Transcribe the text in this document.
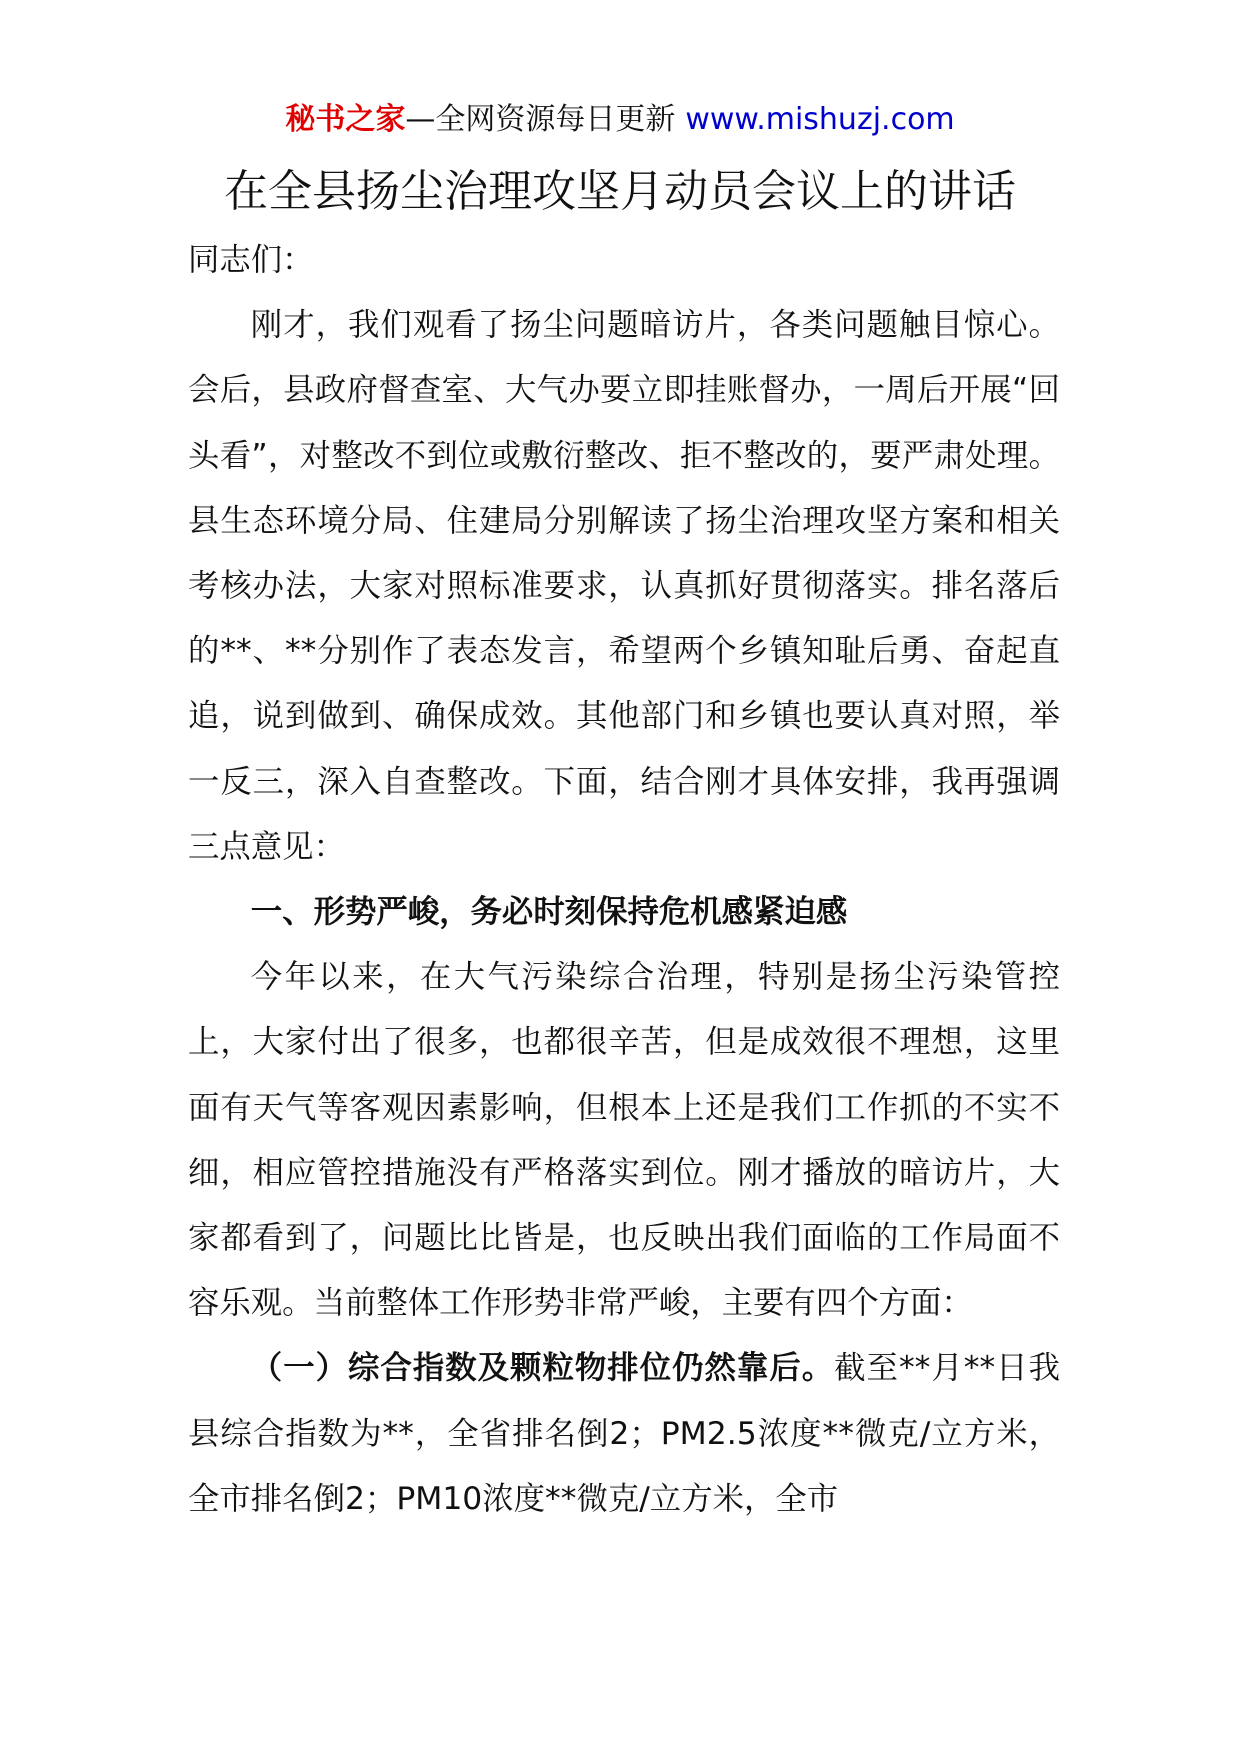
秘书之家—全网资源每日更新 www.mishuzj.com
在全县扬尘治理攻坚月动员会议上的讲话

同志们：

刚才，我们观看了扬尘问题暗访片，各类问题触目惊心。会后，县政府督查室、大气办要立即挂账督办，一周后开展“回头看”，对整改不到位或敷衍整改、拒不整改的，要严肃处理。县生态环境分局、住建局分别解读了扬尘治理攻坚方案和相关考核办法，大家对照标准要求，认真抓好贯彻落实。排名落后的**、**分别作了表态发言，希望两个乡镇知耻后勇、奋起直追，说到做到、确保成效。其他部门和乡镇也要认真对照，举一反三，深入自查整改。下面，结合刚才具体安排，我再强调三点意见：

一、形势严峻，务必时刻保持危机感紧迫感

今年以来，在大气污染综合治理，特别是扬尘污染管控上，大家付出了很多，也都很辛苦，但是成效很不理想，这里面有天气等客观因素影响，但根本上还是我们工作抓的不实不细，相应管控措施没有严格落实到位。刚才播放的暗访片，大家都看到了，问题比比皆是，也反映出我们面临的工作局面不容乐观。当前整体工作形势非常严峻，主要有四个方面：

（一）综合指数及颗粒物排位仍然靠后。截至**月**日我县综合指数为**，全省排名倒2；PM2.5浓度**微克/立方米，全市排名倒2；PM10浓度**微克/立方米，全市
